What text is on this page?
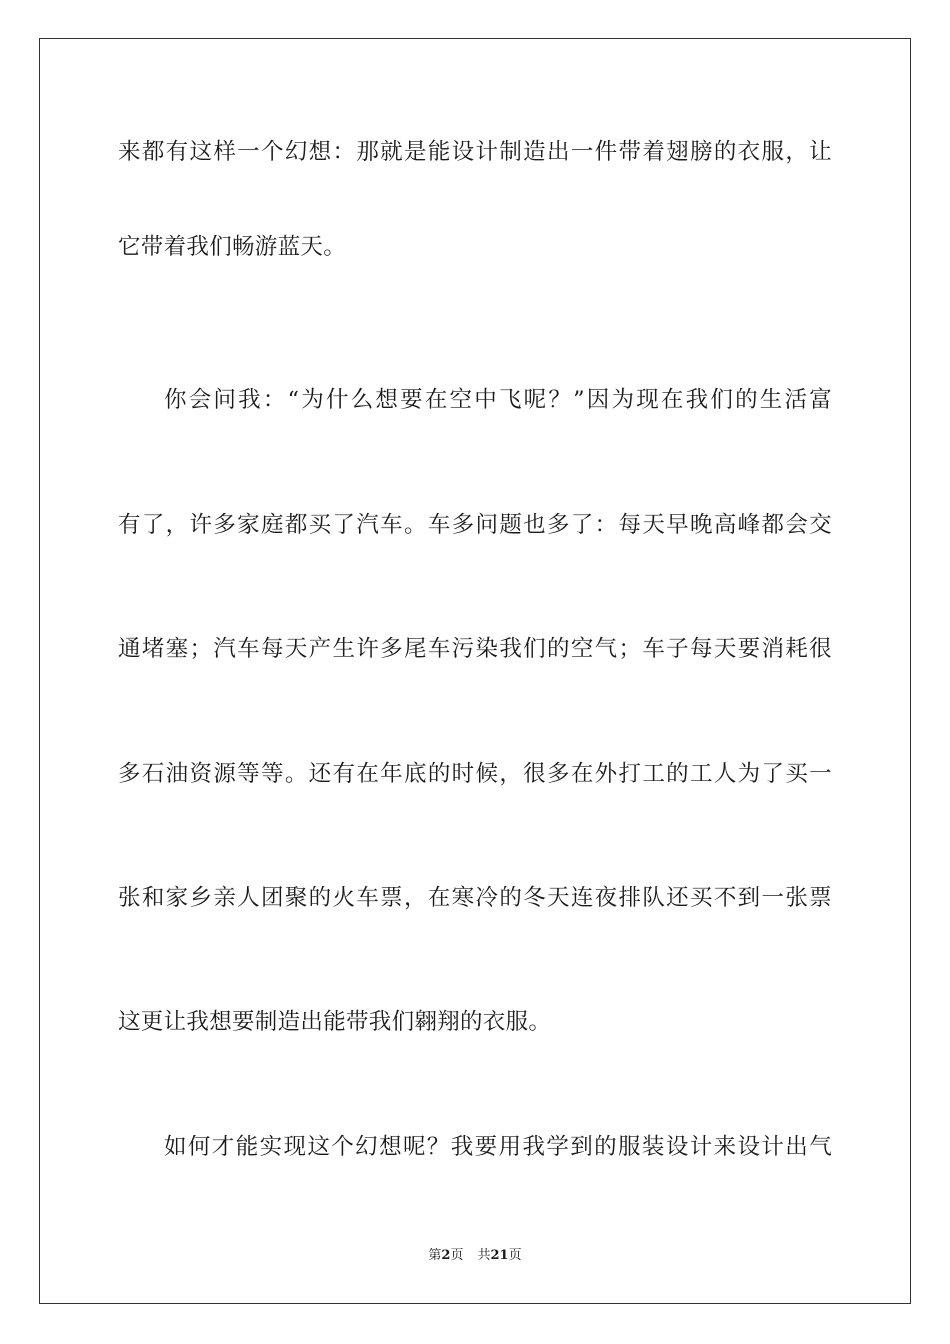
来都有这样一个幻想：那就是能设计制造出一件带着翅膀的衣服，让
它带着我们畅游蓝天。
你会问我：“为什么想要在空中飞呢？”因为现在我们的生活富
有了，许多家庭都买了汽车。车多问题也多了：每天早晚高峰都会交
通堵塞；汽车每天产生许多尾车污染我们的空气；车子每天要消耗很
多石油资源等等。还有在年底的时候，很多在外打工的工人为了买一
张和家乡亲人团聚的火车票，在寒冷的冬天连夜排队还买不到一张票
这更让我想要制造出能带我们翱翔的衣服。
如何才能实现这个幻想呢？我要用我学到的服装设计来设计出气
第2页 共21页
